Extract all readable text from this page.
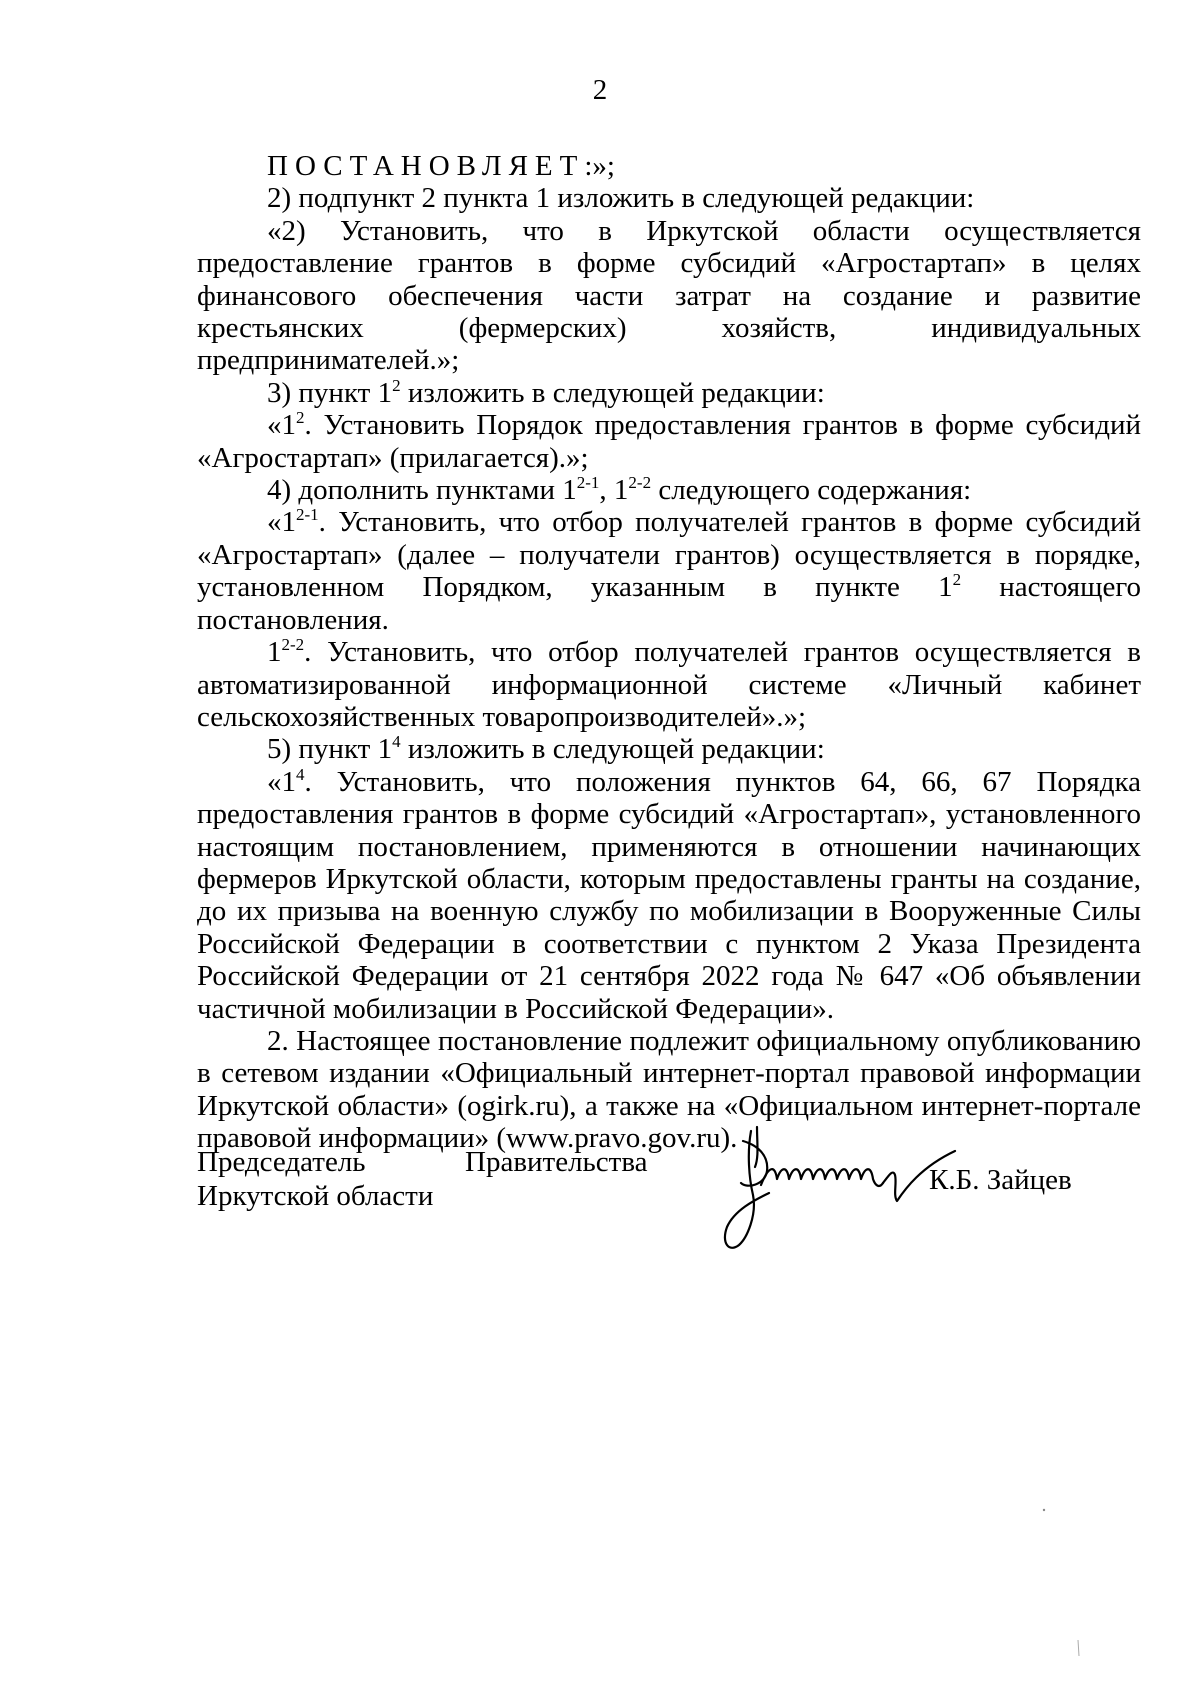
2

ПОСТАНОВЛЯЕТ:»;

2) подпункт 2 пункта 1 изложить в следующей редакции:

«2) Установить, что в Иркутской области осуществляется предоставление грантов в форме субсидий «Агростартап» в целях финансового обеспечения части затрат на создание и развитие крестьянских (фермерских) хозяйств, индивидуальных предпринимателей.»;

3) пункт $1^2$ изложить в следующей редакции:

«$1^2$. Установить Порядок предоставления грантов в форме субсидий «Агростартап» (прилагается).»;

4) дополнить пунктами 1$^{2-1}$, 1$^{2-2}$ следующего содержания:

«1$^{2-1}$. Установить, что отбор получателей грантов в форме субсидий «Агростартап» (далее – получатели грантов) осуществляется в порядке, установленном Порядком, указанным в пункте $1^2$ настоящего постановления.

1$^{2-2}$. Установить, что отбор получателей грантов осуществляется в автоматизированной информационной системе «Личный кабинет сельскохозяйственных товаропроизводителей».»;

5) пункт $1^4$ изложить в следующей редакции:

«$1^4$. Установить, что положения пунктов 64, 66, 67 Порядка предоставления грантов в форме субсидий «Агростартап», установленного настоящим постановлением, применяются в отношении начинающих фермеров Иркутской области, которым предоставлены гранты на создание, до их призыва на военную службу по мобилизации в Вооруженные Силы Российской Федерации в соответствии с пунктом 2 Указа Президента Российской Федерации от 21 сентября 2022 года № 647 «Об объявлении частичной мобилизации в Российской Федерации».

2. Настоящее постановление подлежит официальному опубликованию в сетевом издании «Официальный интернет-портал правовой информации Иркутской области» (ogirk.ru), а также на «Официальном интернет-портале правовой информации» (www.pravo.gov.ru).

Председатель	Правительства
Иркутской области	К.Б. Зайцев
